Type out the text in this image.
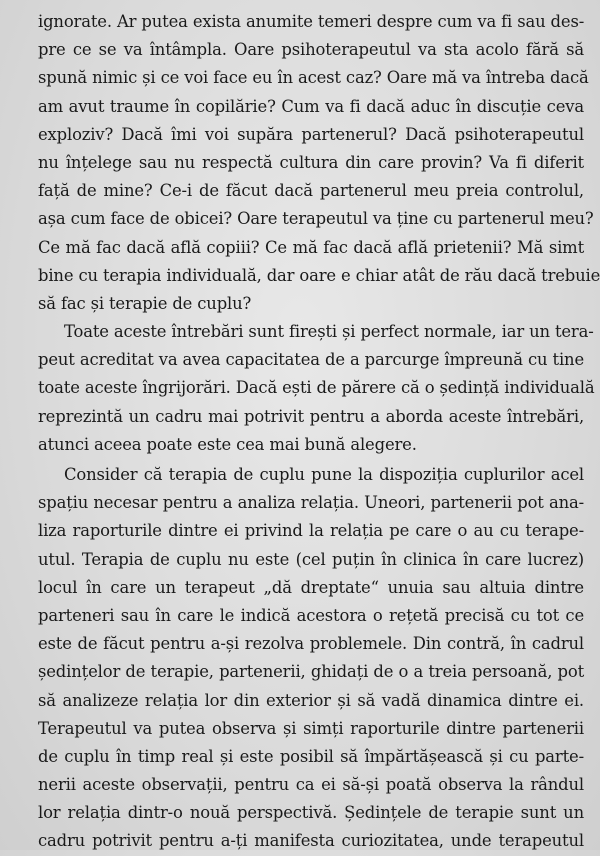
ignorate. Ar putea exista anumite temeri despre cum va fi sau des-
pre ce se va întâmpla. Oare psihoterapeutul va sta acolo fără să
spună nimic și ce voi face eu în acest caz? Oare mă va întreba dacă
am avut traume în copilărie? Cum va fi dacă aduc în discuție ceva
exploziv? Dacă îmi voi supăra partenerul? Dacă psihoterapeutul
nu înțelege sau nu respectă cultura din care provin? Va fi diferit
față de mine? Ce-i de făcut dacă partenerul meu preia controlul,
așa cum face de obicei? Oare terapeutul va ține cu partenerul meu?
Ce mă fac dacă află copiii? Ce mă fac dacă află prietenii? Mă simt
bine cu terapia individuală, dar oare e chiar atât de rău dacă trebuie
să fac și terapie de cuplu?
Toate aceste întrebări sunt firești și perfect normale, iar un tera-
peut acreditat va avea capacitatea de a parcurge împreună cu tine
toate aceste îngrijorări. Dacă ești de părere că o ședință individuală
reprezintă un cadru mai potrivit pentru a aborda aceste întrebări,
atunci aceea poate este cea mai bună alegere.
Consider că terapia de cuplu pune la dispoziția cuplurilor acel
spațiu necesar pentru a analiza relația. Uneori, partenerii pot ana-
liza raporturile dintre ei privind la relația pe care o au cu terape-
utul. Terapia de cuplu nu este (cel puțin în clinica în care lucrez)
locul în care un terapeut „dă dreptate“ unuia sau altuia dintre
parteneri sau în care le indică acestora o rețetă precisă cu tot ce
este de făcut pentru a-și rezolva problemele. Din contră, în cadrul
ședințelor de terapie, partenerii, ghidați de o a treia persoană, pot
să analizeze relația lor din exterior și să vadă dinamica dintre ei.
Terapeutul va putea observa și simți raporturile dintre partenerii
de cuplu în timp real și este posibil să împărtășească și cu parte-
nerii aceste observații, pentru ca ei să-și poată observa la rândul
lor relația dintr-o nouă perspectivă. Ședințele de terapie sunt un
cadru potrivit pentru a-ți manifesta curiozitatea, unde terapeutul
